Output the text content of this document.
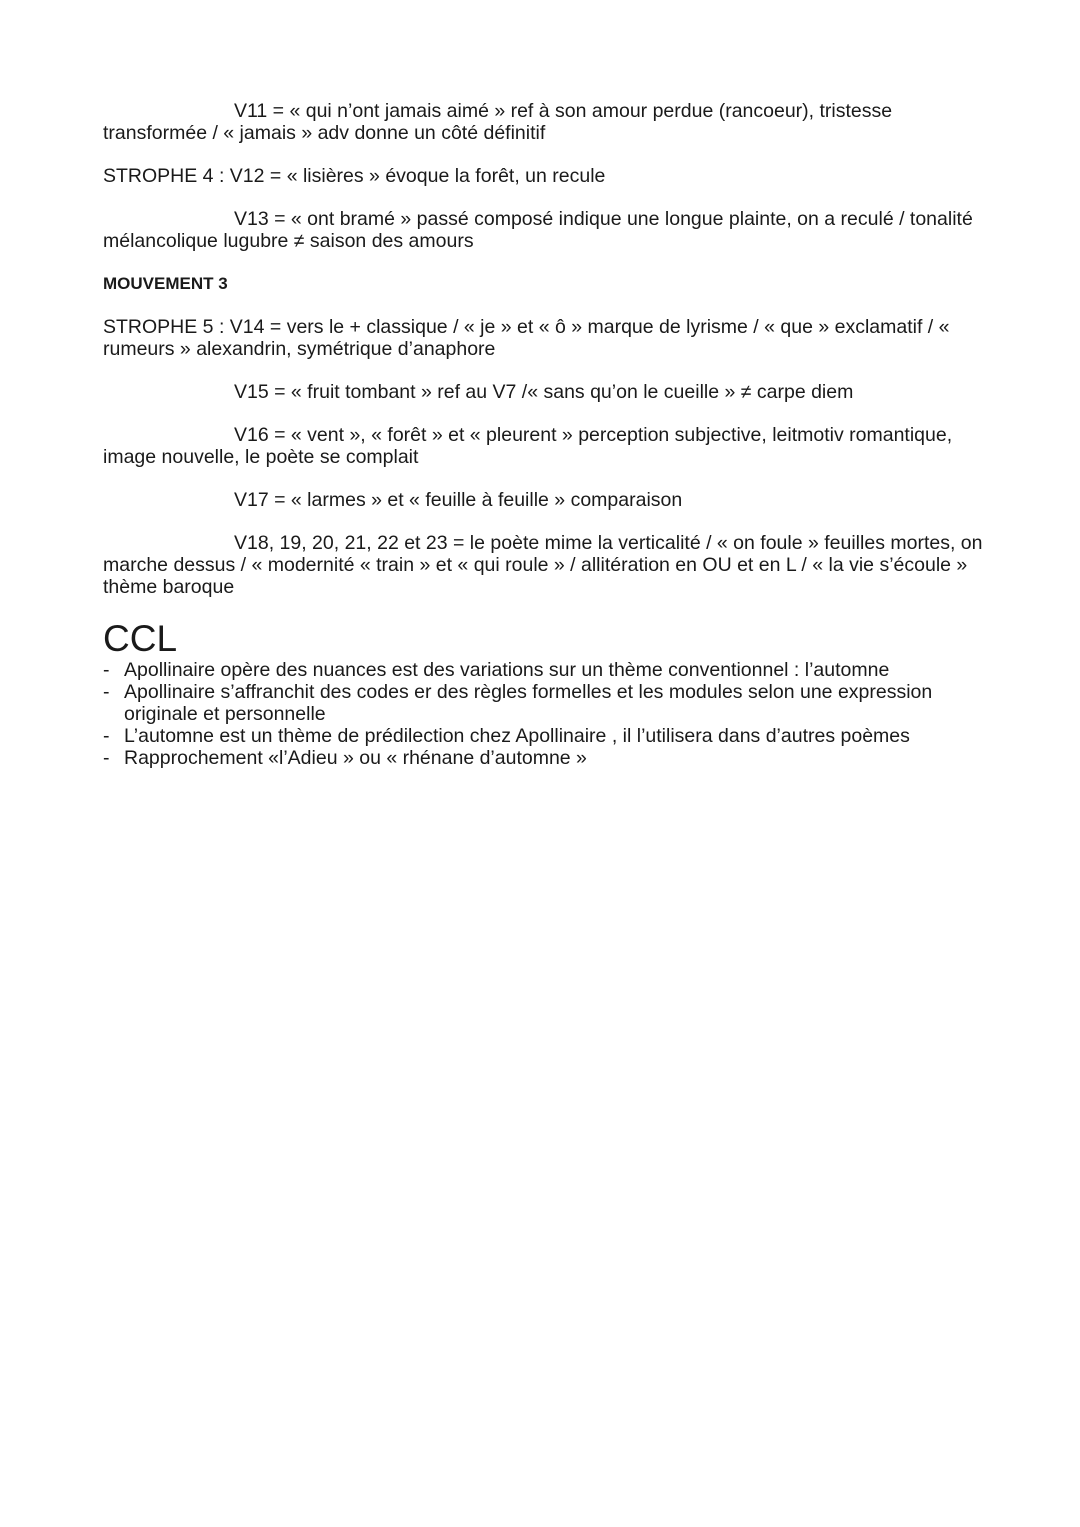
V11 = « qui n’ont jamais aimé » ref à son amour perdue (rancoeur), tristesse transformée / « jamais » adv donne un côté définitif

STROPHE 4 : V12 = « lisières » évoque la forêt, un recule

V13 = « ont bramé » passé composé indique une longue plainte, on a reculé / tonalité mélancolique lugubre ≠ saison des amours

MOUVEMENT 3

STROPHE 5 : V14 = vers le + classique / « je » et « ô » marque de lyrisme / « que » exclamatif / « rumeurs » alexandrin, symétrique d’anaphore

V15 = « fruit tombant » ref au V7 /« sans qu’on le cueille » ≠ carpe diem

V16 = « vent », « forêt » et « pleurent » perception subjective, leitmotiv romantique, image nouvelle, le poète se complait

V17 = « larmes » et « feuille à feuille » comparaison

V18, 19, 20, 21, 22 et 23 = le poète mime la verticalité / « on foule » feuilles mortes, on marche dessus / « modernité « train » et « qui roule » / allitération en OU et en L / « la vie s’écoule » thème baroque

CCL
- Apollinaire opère des nuances est des variations sur un thème conventionnel : l’automne
- Apollinaire s’affranchit des codes er des règles formelles et les modules selon une expression originale et personnelle
- L’automne est un thème de prédilection chez Apollinaire , il l’utilisera dans d’autres poèmes
- Rapprochement «l’Adieu » ou « rhénane d’automne »
